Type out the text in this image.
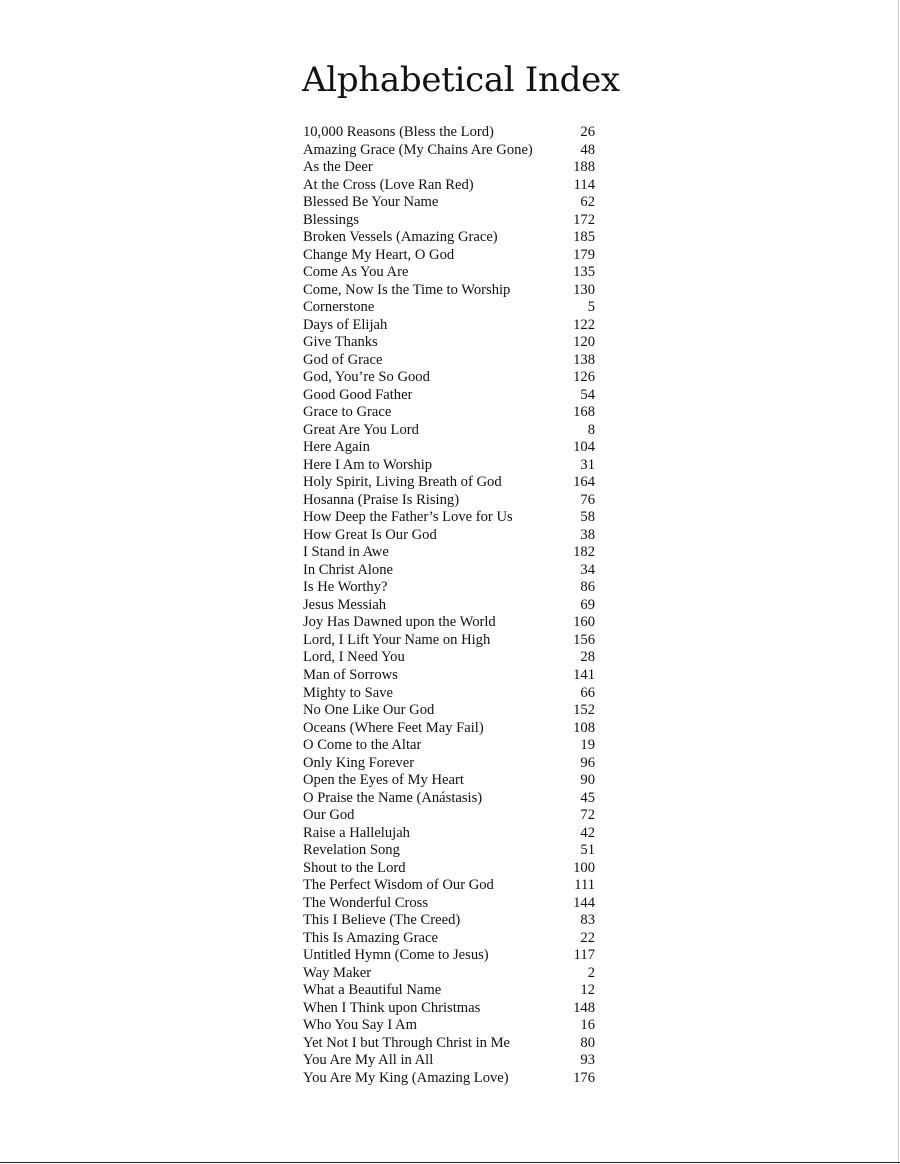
Alphabetical Index
10,000 Reasons (Bless the Lord)	26
Amazing Grace (My Chains Are Gone)	48
As the Deer	188
At the Cross (Love Ran Red)	114
Blessed Be Your Name	62
Blessings	172
Broken Vessels (Amazing Grace)	185
Change My Heart, O God	179
Come As You Are	135
Come, Now Is the Time to Worship	130
Cornerstone	5
Days of Elijah	122
Give Thanks	120
God of Grace	138
God, You’re So Good	126
Good Good Father	54
Grace to Grace	168
Great Are You Lord	8
Here Again	104
Here I Am to Worship	31
Holy Spirit, Living Breath of God	164
Hosanna (Praise Is Rising)	76
How Deep the Father’s Love for Us	58
How Great Is Our God	38
I Stand in Awe	182
In Christ Alone	34
Is He Worthy?	86
Jesus Messiah	69
Joy Has Dawned upon the World	160
Lord, I Lift Your Name on High	156
Lord, I Need You	28
Man of Sorrows	141
Mighty to Save	66
No One Like Our God	152
Oceans (Where Feet May Fail)	108
O Come to the Altar	19
Only King Forever	96
Open the Eyes of My Heart	90
O Praise the Name (Anástasis)	45
Our God	72
Raise a Hallelujah	42
Revelation Song	51
Shout to the Lord	100
The Perfect Wisdom of Our God	111
The Wonderful Cross	144
This I Believe (The Creed)	83
This Is Amazing Grace	22
Untitled Hymn (Come to Jesus)	117
Way Maker	2
What a Beautiful Name	12
When I Think upon Christmas	148
Who You Say I Am	16
Yet Not I but Through Christ in Me	80
You Are My All in All	93
You Are My King (Amazing Love)	176
